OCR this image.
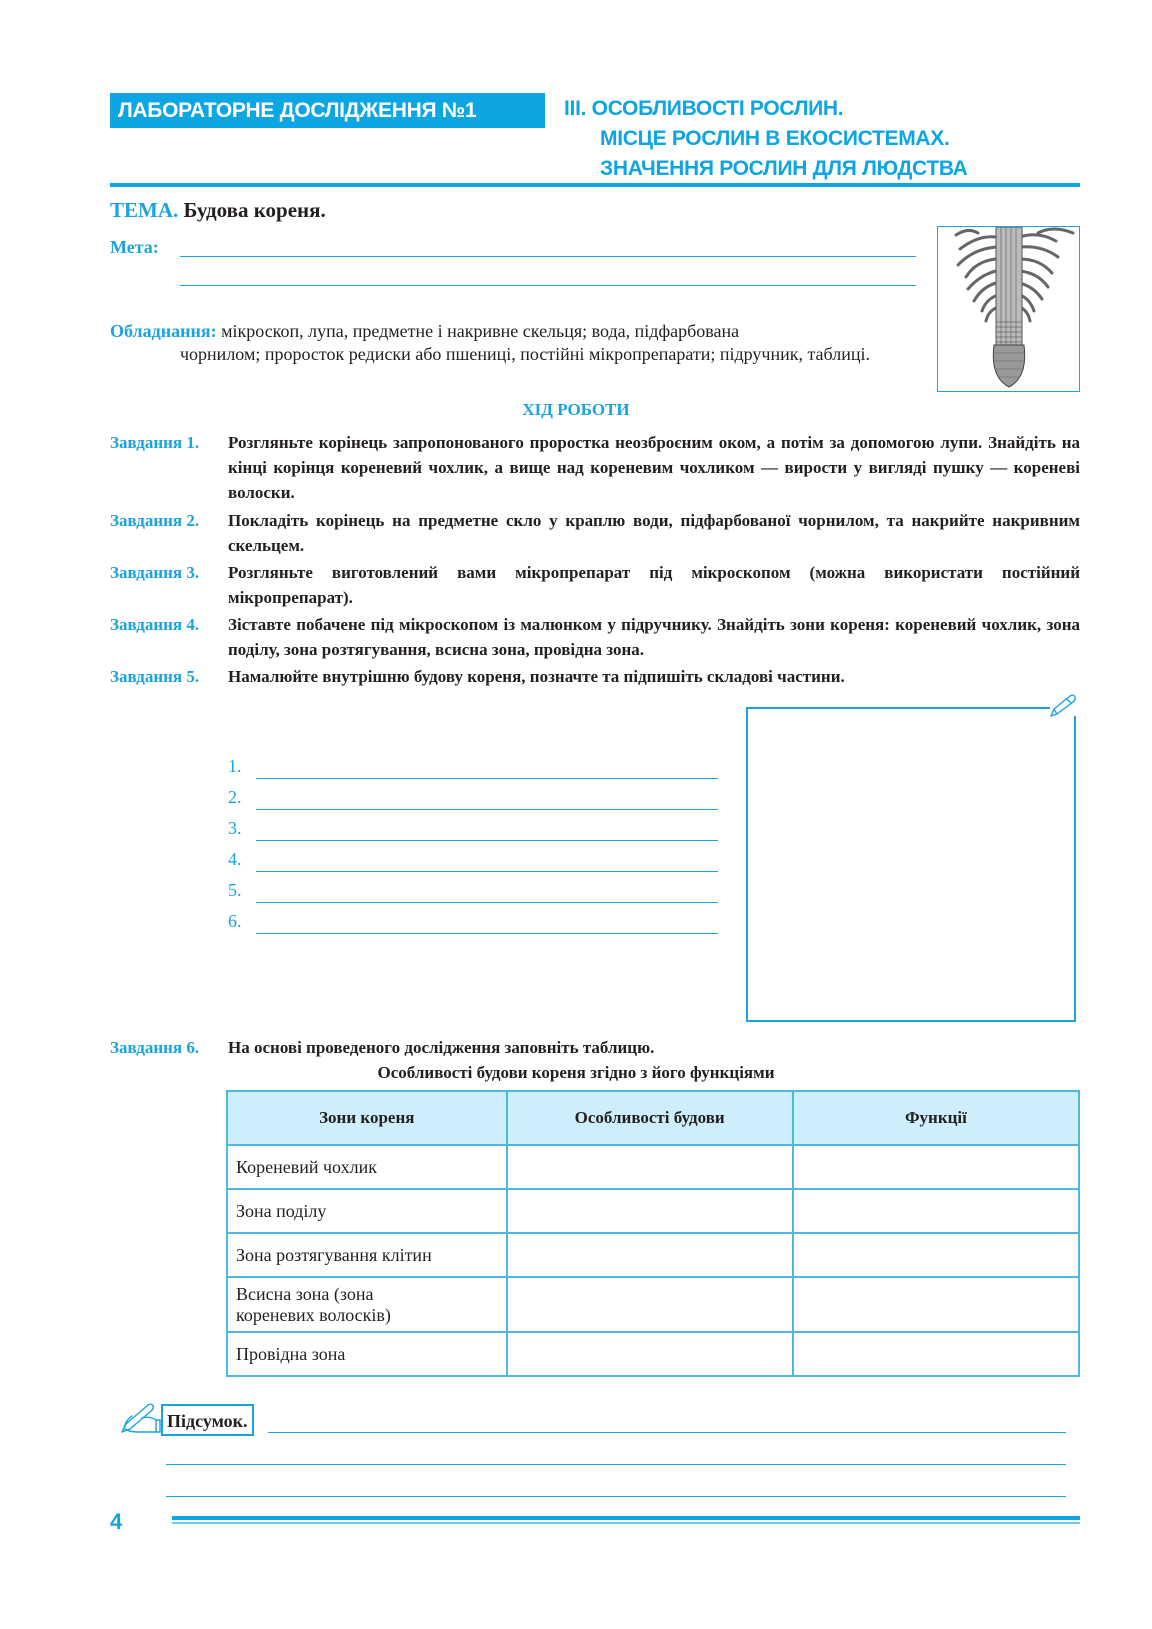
ЛАБОРАТОРНЕ ДОСЛІДЖЕННЯ №1	ІІІ. ОСОБЛИВОСТІ РОСЛИН.
МІСЦЕ РОСЛИН В ЕКОСИСТЕМАХ.
ЗНАЧЕННЯ РОСЛИН ДЛЯ ЛЮДСТВА
ТЕМА. Будова кореня.
Мета:
Обладнання: мікроскоп, лупа, предметне і накривне скельця; вода, підфарбована
чорнилом; проросток редиски або пшениці, постійні мікропрепарати; підручник, таблиці.
ХІД РОБОТИ
Завдання 1. Розгляньте корінець запропонованого проростка неозброєним оком, а потім за допомогою лупи. Знайдіть на кінці корінця кореневий чохлик, а вище над кореневим чохликом — вирости у вигляді пушку — кореневі волоски.
Завдання 2. Покладіть корінець на предметне скло у краплю води, підфарбованої чорнилом, та накрийте накривним скельцем.
Завдання 3. Розгляньте виготовлений вами мікропрепарат під мікроскопом (можна використати постійний мікропрепарат).
Завдання 4. Зіставте побачене під мікроскопом із малюнком у підручнику. Знайдіть зони кореня: кореневий чохлик, зона поділу, зона розтягування, всисна зона, провідна зона.
Завдання 5. Намалюйте внутрішню будову кореня, позначте та підпишіть складові частини.
1.
2.
3.
4.
5.
6.
Завдання 6. На основі проведеного дослідження заповніть таблицю.
Особливості будови кореня згідно з його функціями
Зони кореня	Особливості будови	Функції
Кореневий чохлик		
Зона поділу		
Зона розтягування клітин		
Всисна зона (зона кореневих волосків)		
Провідна зона		
Підсумок.
4
